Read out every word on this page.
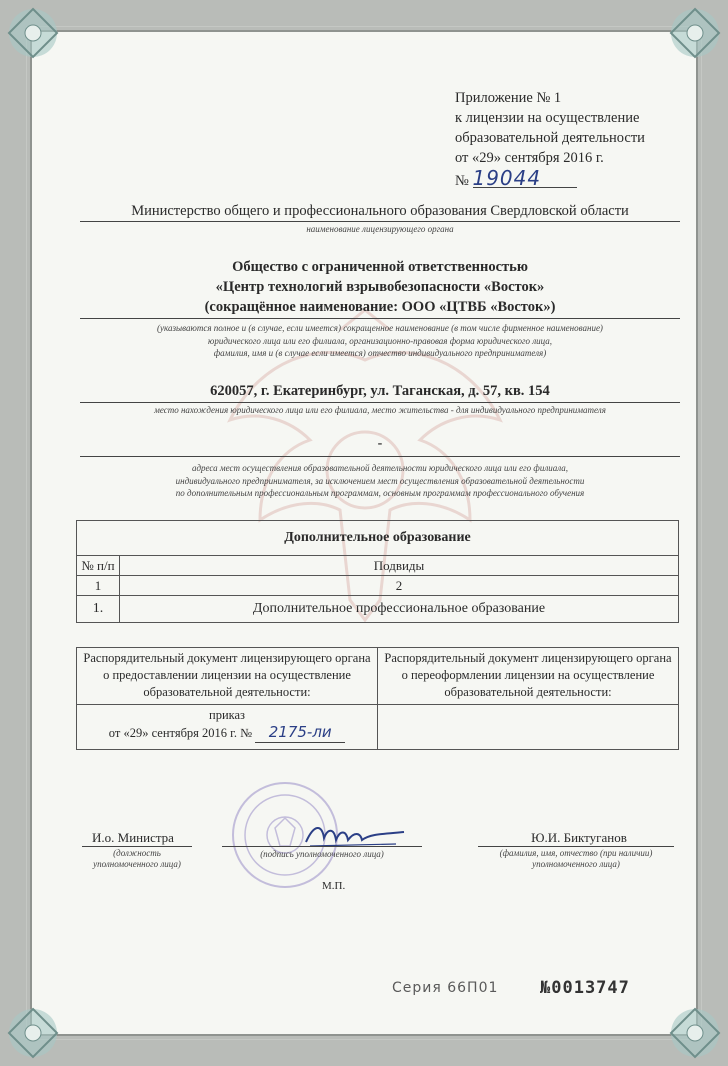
Приложение № 1
к лицензии на осуществление
образовательной деятельности
от «29» сентября 2016 г.
№ 19044
Министерство общего и профессионального образования Свердловской области
наименование лицензирующего органа
Общество с ограниченной ответственностью
«Центр технологий взрывобезопасности «Восток»
(сокращённое наименование: ООО «ЦТВБ «Восток»)
(указываются полное и (в случае, если имеется) сокращенное наименование (в том числе фирменное наименование)
юридического лица или его филиала, организационно-правовая форма юридического лица,
фамилия, имя и (в случае если имеется) отчество индивидуального предпринимателя)
620057, г. Екатеринбург, ул. Таганская, д. 57, кв. 154
место нахождения юридического лица или его филиала, место жительства - для индивидуального предпринимателя
-
адреса мест осуществления образовательной деятельности юридического лица или его филиала,
индивидуального предпринимателя, за исключением мест осуществления образовательной деятельности
по дополнительным профессиональным программам, основным программам профессионального обучения
Дополнительное образование	
№ п/п	Подвиды
1	2
1.	Дополнительное профессиональное образование
Распорядительный документ лицензирующего органа о предоставлении лицензии на осуществление образовательной деятельности:	Распорядительный документ лицензирующего органа о переоформлении лицензии на осуществление образовательной деятельности:

приказ
от «29» сентября 2016 г. № 2175-ли	

И.о. Министра
(должность уполномоченного лица)
(подпись уполномоченного лица)
Ю.И. Биктуганов
(фамилия, имя, отчество (при наличии) уполномоченного лица)
М.П.
Серия 66П01 №0013747
